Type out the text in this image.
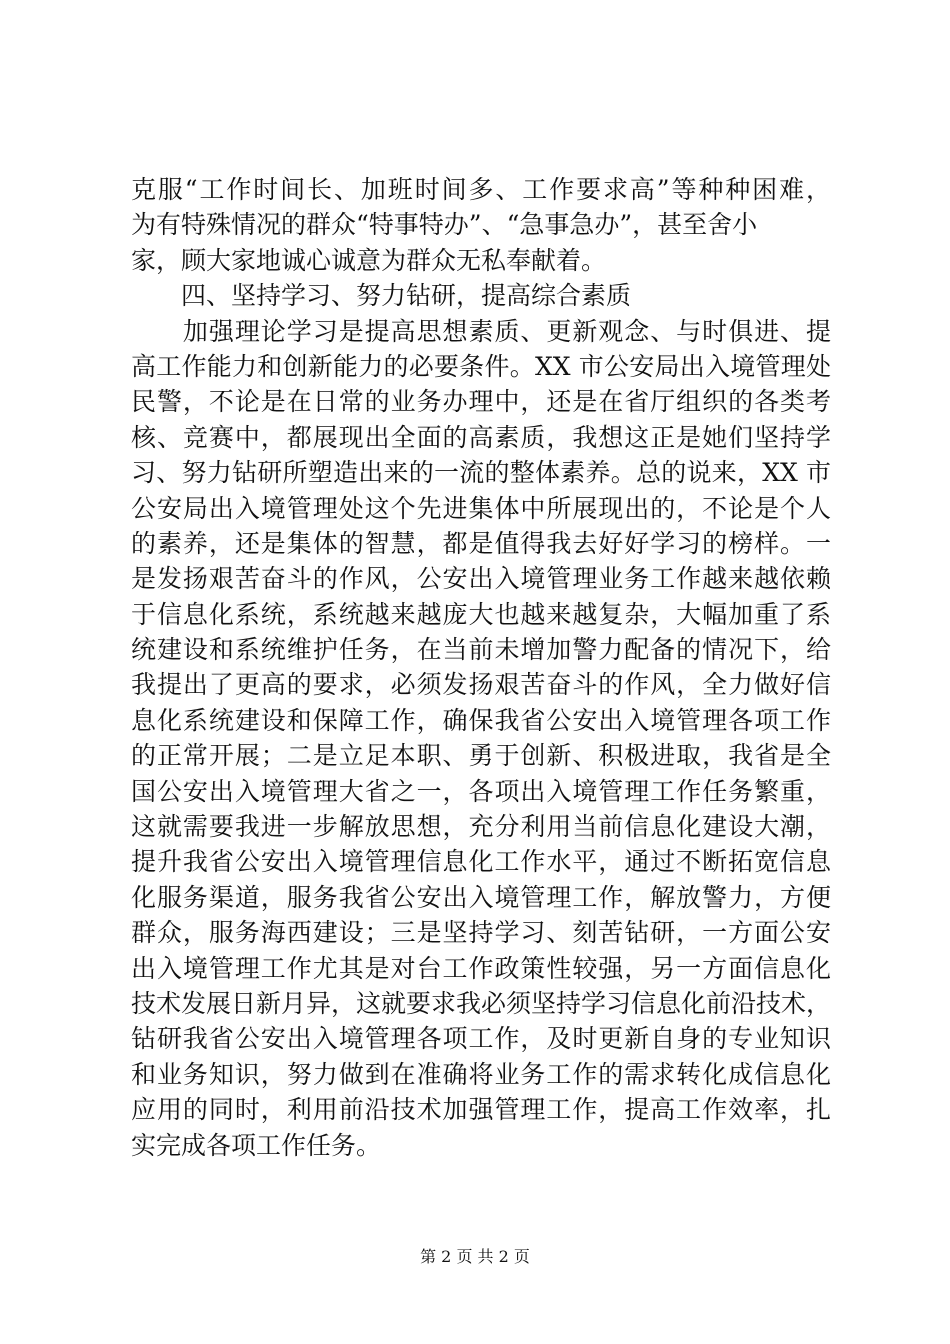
克服“工作时间长、加班时间多、工作要求高”等种种困难，
为有特殊情况的群众“特事特办”、“急事急办”，甚至舍小
家，顾大家地诚心诚意为群众无私奉献着。
　　四、坚持学习、努力钻研，提高综合素质
　　加强理论学习是提高思想素质、更新观念、与时俱进、提
高工作能力和创新能力的必要条件。XX 市公安局出入境管理处
民警，不论是在日常的业务办理中，还是在省厅组织的各类考
核、竞赛中，都展现出全面的高素质，我想这正是她们坚持学
习、努力钻研所塑造出来的一流的整体素养。总的说来，XX 市
公安局出入境管理处这个先进集体中所展现出的，不论是个人
的素养，还是集体的智慧，都是值得我去好好学习的榜样。一
是发扬艰苦奋斗的作风，公安出入境管理业务工作越来越依赖
于信息化系统，系统越来越庞大也越来越复杂，大幅加重了系
统建设和系统维护任务，在当前未增加警力配备的情况下，给
我提出了更高的要求，必须发扬艰苦奋斗的作风，全力做好信
息化系统建设和保障工作，确保我省公安出入境管理各项工作
的正常开展；二是立足本职、勇于创新、积极进取，我省是全
国公安出入境管理大省之一，各项出入境管理工作任务繁重，
这就需要我进一步解放思想，充分利用当前信息化建设大潮，
提升我省公安出入境管理信息化工作水平，通过不断拓宽信息
化服务渠道，服务我省公安出入境管理工作，解放警力，方便
群众，服务海西建设；三是坚持学习、刻苦钻研，一方面公安
出入境管理工作尤其是对台工作政策性较强，另一方面信息化
技术发展日新月异，这就要求我必须坚持学习信息化前沿技术，
钻研我省公安出入境管理各项工作，及时更新自身的专业知识
和业务知识，努力做到在准确将业务工作的需求转化成信息化
应用的同时，利用前沿技术加强管理工作，提高工作效率，扎
实完成各项工作任务。
第 2 页 共 2 页
